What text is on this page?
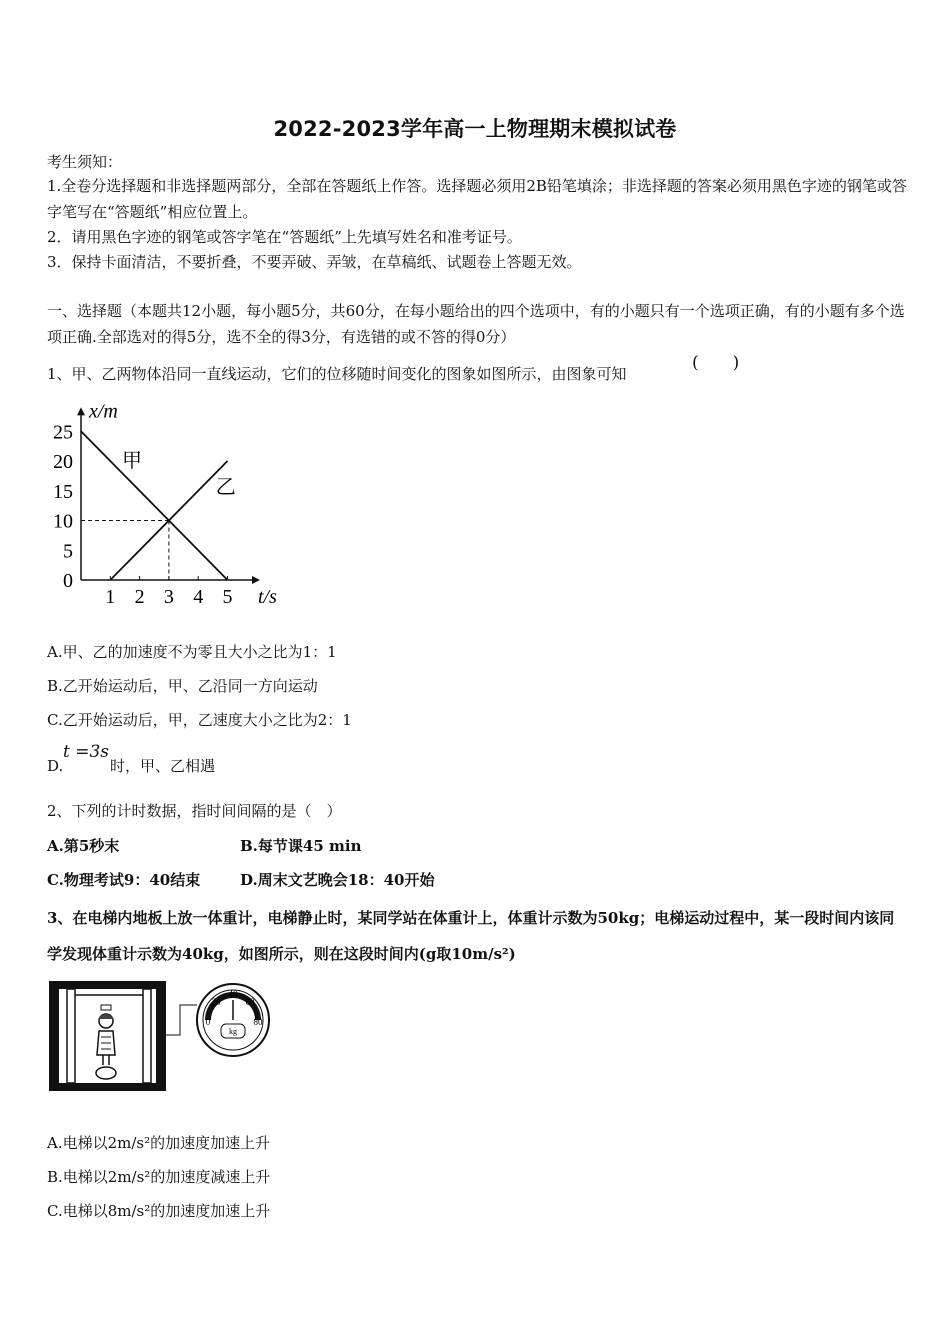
2022-2023学年高一上物理期末模拟试卷
考生须知：
1.全卷分选择题和非选择题两部分，全部在答题纸上作答。选择题必须用2B铅笔填涂；非选择题的答案必须用黑色字迹的钢笔或答字笔写在“答题纸”相应位置上。
2．请用黑色字迹的钢笔或答字笔在“答题纸”上先填写姓名和准考证号。
3．保持卡面清洁，不要折叠，不要弄破、弄皱，在草稿纸、试题卷上答题无效。
一、选择题（本题共12小题，每小题5分，共60分，在每小题给出的四个选项中，有的小题只有一个选项正确，有的小题有多个选项正确.全部选对的得5分，选不全的得3分，有选错的或不答的得0分）
1、甲、乙两物体沿同一直线运动，它们的位移随时间变化的图象如图所示，由图象可知
(　　)
0
5
10
15
20
25
1 2 3 4 5
x/m
t/s
甲
乙
A.甲、乙的加速度不为零且大小之比为1：1
B.乙开始运动后，甲、乙沿同一方向运动
C.乙开始运动后，甲，乙速度大小之比为2：1
D.
t =3s
时，甲、乙相遇
2、下列的计时数据，指时间间隔的是（　）
A.第5秒末	B.每节课45 min
C.物理考试9：40结束	D.周末文艺晚会18：40开始
3、在电梯内地板上放一体重计，电梯静止时，某同学站在体重计上，体重计示数为50kg；电梯运动过程中，某一段时间内该同学发现体重计示数为40kg，如图所示，则在这段时间内(g取10m/s²)
0
20
40
60
80
kg
A.电梯以2m/s²的加速度加速上升
B.电梯以2m/s²的加速度减速上升
C.电梯以8m/s²的加速度加速上升
